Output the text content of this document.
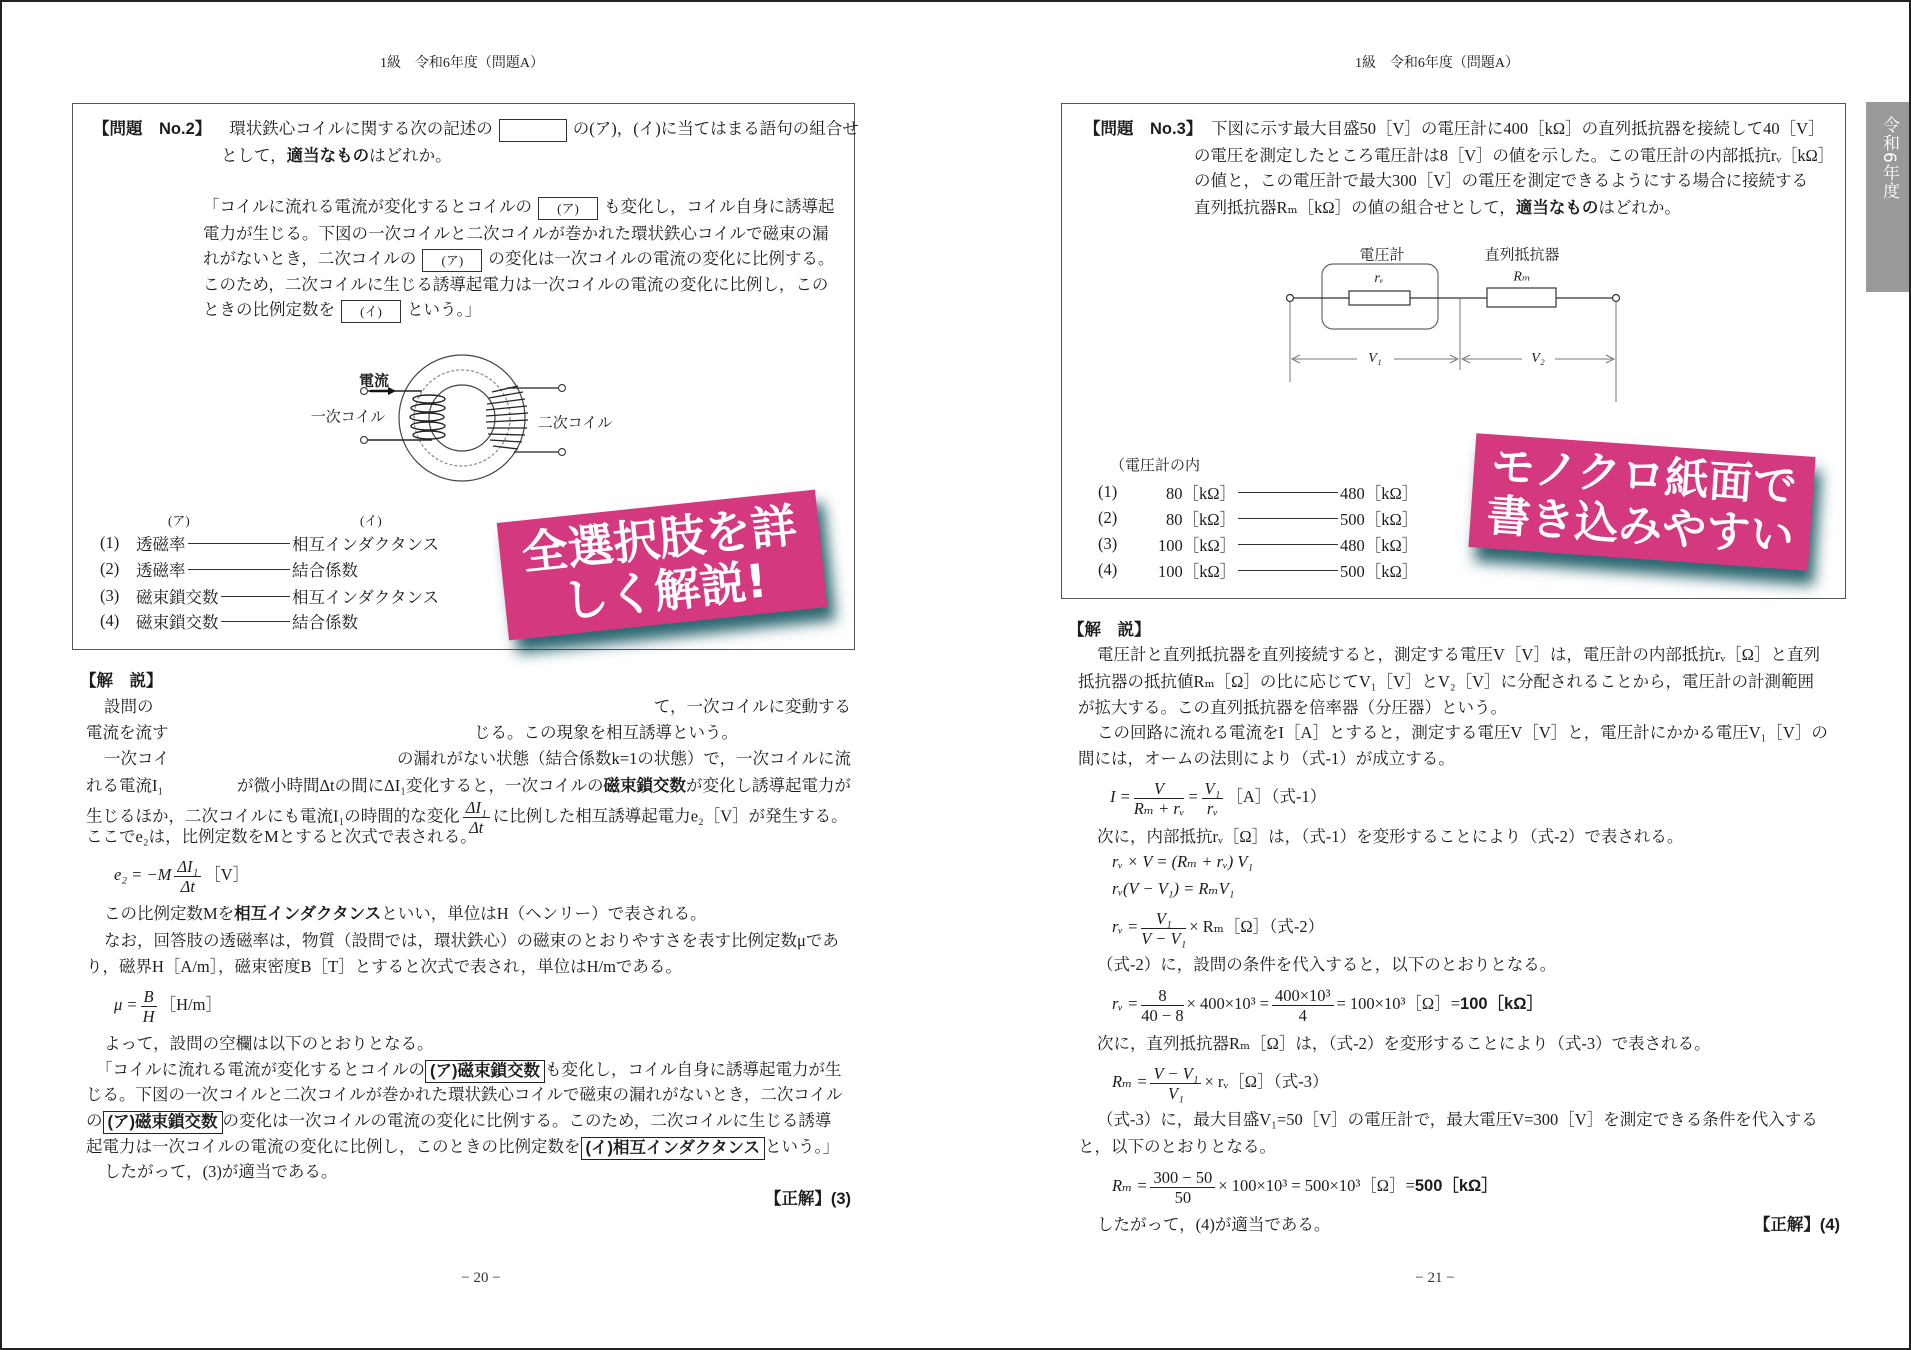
1級　令和6年度（問題A）	1級　令和6年度（問題A）
【問題　No.2】 環状鉄心コイルに関する次の記述の	の(ア)，(イ)に当てはまる語句の組合せ
として，適当なものはどれか。
「コイルに流れる電流が変化するとコイルの (ア) も変化し，コイル自身に誘導起
電力が生じる。下図の一次コイルと二次コイルが巻かれた環状鉄心コイルで磁束の漏
れがないとき，二次コイルの (ア) の変化は一次コイルの電流の変化に比例する。
このため，二次コイルに生じる誘導起電力は一次コイルの電流の変化に比例し，この
ときの比例定数を (イ) という。」
電流
一次コイル	二次コイル
(ア)	(イ)
(1)	透磁率	相互インダクタンス
(2)	透磁率	結合係数
(3)	磁束鎖交数	相互インダクタンス
(4)	磁束鎖交数	結合係数
【解　説】
設問の	て，一次コイルに変動する
電流を流す	じる。この現象を相互誘導という。
一次コイ	の漏れがない状態（結合係数k=1の状態）で，一次コイルに流
れる電流I₁	が微小時間Δtの間にΔI₁変化すると，一次コイルの磁束鎖交数が変化し誘導起電力が
生じるほか，二次コイルにも電流I₁の時間的な変化 $\frac{\text{ΔI₁}}{\Delta t}$ に比例した相互誘導起電力e₂［V］が発生する。
ここでe₂は，比例定数をMとすると次式で表される。
$e_2 = -M \frac{\text{ΔI₁}}{\Delta t}$ ［V］
この比例定数Mを相互インダクタンスといい，単位はH（ヘンリー）で表される。
なお，回答肢の透磁率は，物質（設問では，環状鉄心）の磁束のとおりやすさを表す比例定数μであ
り，磁界H［A/m］，磁束密度B［T］とすると次式で表され，単位はH/mである。
$\mu = \frac{B}{H}$ ［H/m］
よって，設問の空欄は以下のとおりとなる。
「コイルに流れる電流が変化するとコイルの (ア)磁束鎖交数 も変化し，コイル自身に誘導起電力が生
じる。下図の一次コイルと二次コイルが巻かれた環状鉄心コイルで磁束の漏れがないとき，二次コイル
の (ア)磁束鎖交数 の変化は一次コイルの電流の変化に比例する。このため，二次コイルに生じる誘導
起電力は一次コイルの電流の変化に比例し，このときの比例定数を (イ)相互インダクタンス という。」
したがって，(3)が適当である。
【正解】(3)
− 20 −
【問題　No.3】 下図に示す最大目盛50［V］の電圧計に400［kΩ］の直列抵抗器を接続して40［V］
の電圧を測定したところ電圧計は8［V］の値を示した。この電圧計の内部抵抗rᵥ［kΩ］
の値と，この電圧計で最大300［V］の電圧を測定できるようにする場合に接続する
直列抵抗器Rₘ［kΩ］の値の組合せとして，適当なものはどれか。
電圧計	直列抵抗器
rᵥ	Rₘ
V₁	V₂
（電圧計の内
(1)	80［kΩ］	480［kΩ］
(2)	80［kΩ］	500［kΩ］
(3)	100［kΩ］	480［kΩ］
(4)	100［kΩ］	500［kΩ］
【解　説】
電圧計と直列抵抗器を直列接続すると，測定する電圧V［V］は，電圧計の内部抵抗rᵥ［Ω］と直列
抵抗器の抵抗値Rₘ［Ω］の比に応じてV₁［V］とV₂［V］に分配されることから，電圧計の計測範囲
が拡大する。この直列抵抗器を倍率器（分圧器）という。
この回路に流れる電流をI［A］とすると，測定する電圧V［V］と，電圧計にかかる電圧V₁［V］の
間には，オームの法則により（式-1）が成立する。
$I = \frac{V}{\text{Rₘ + rᵥ}} = \frac{\text{V₁}}{\text{rᵥ}}$ ［A］（式-1）
次に，内部抵抗rᵥ［Ω］は，（式-1）を変形することにより（式-2）で表される。
rᵥ × V = (Rₘ + rᵥ) V₁
rᵥ(V − V₁) = RₘV₁
rᵥ = $\frac{\text{V₁}}{\text{V − V₁}}$ × Rₘ［Ω］（式-2）
（式-2）に，設問の条件を代入すると，以下のとおりとなる。
rᵥ = $\frac{8}{40 - 8} \times 400\times 10^3 = \frac{\text{400×10³}}{4}$ = 100×10³［Ω］=100［kΩ］
次に，直列抵抗器Rₘ［Ω］は，（式-2）を変形することにより（式-3）で表される。
$R_m = \frac{\text{V − V₁}}{\text{V₁}}$ × rᵥ［Ω］（式-3）
（式-3）に，最大目盛V₁=50［V］の電圧計で，最大電圧V=300［V］を測定できる条件を代入する
と，以下のとおりとなる。
$R_m = \frac{300 - 50}{50} \times 100\times 10^3$ = 500×10³［Ω］=500［kΩ］
したがって，(4)が適当である。	【正解】(4)
− 21 −
令和6年度
全選択肢を詳しく解説!
モノクロ紙面で書き込みやすい
